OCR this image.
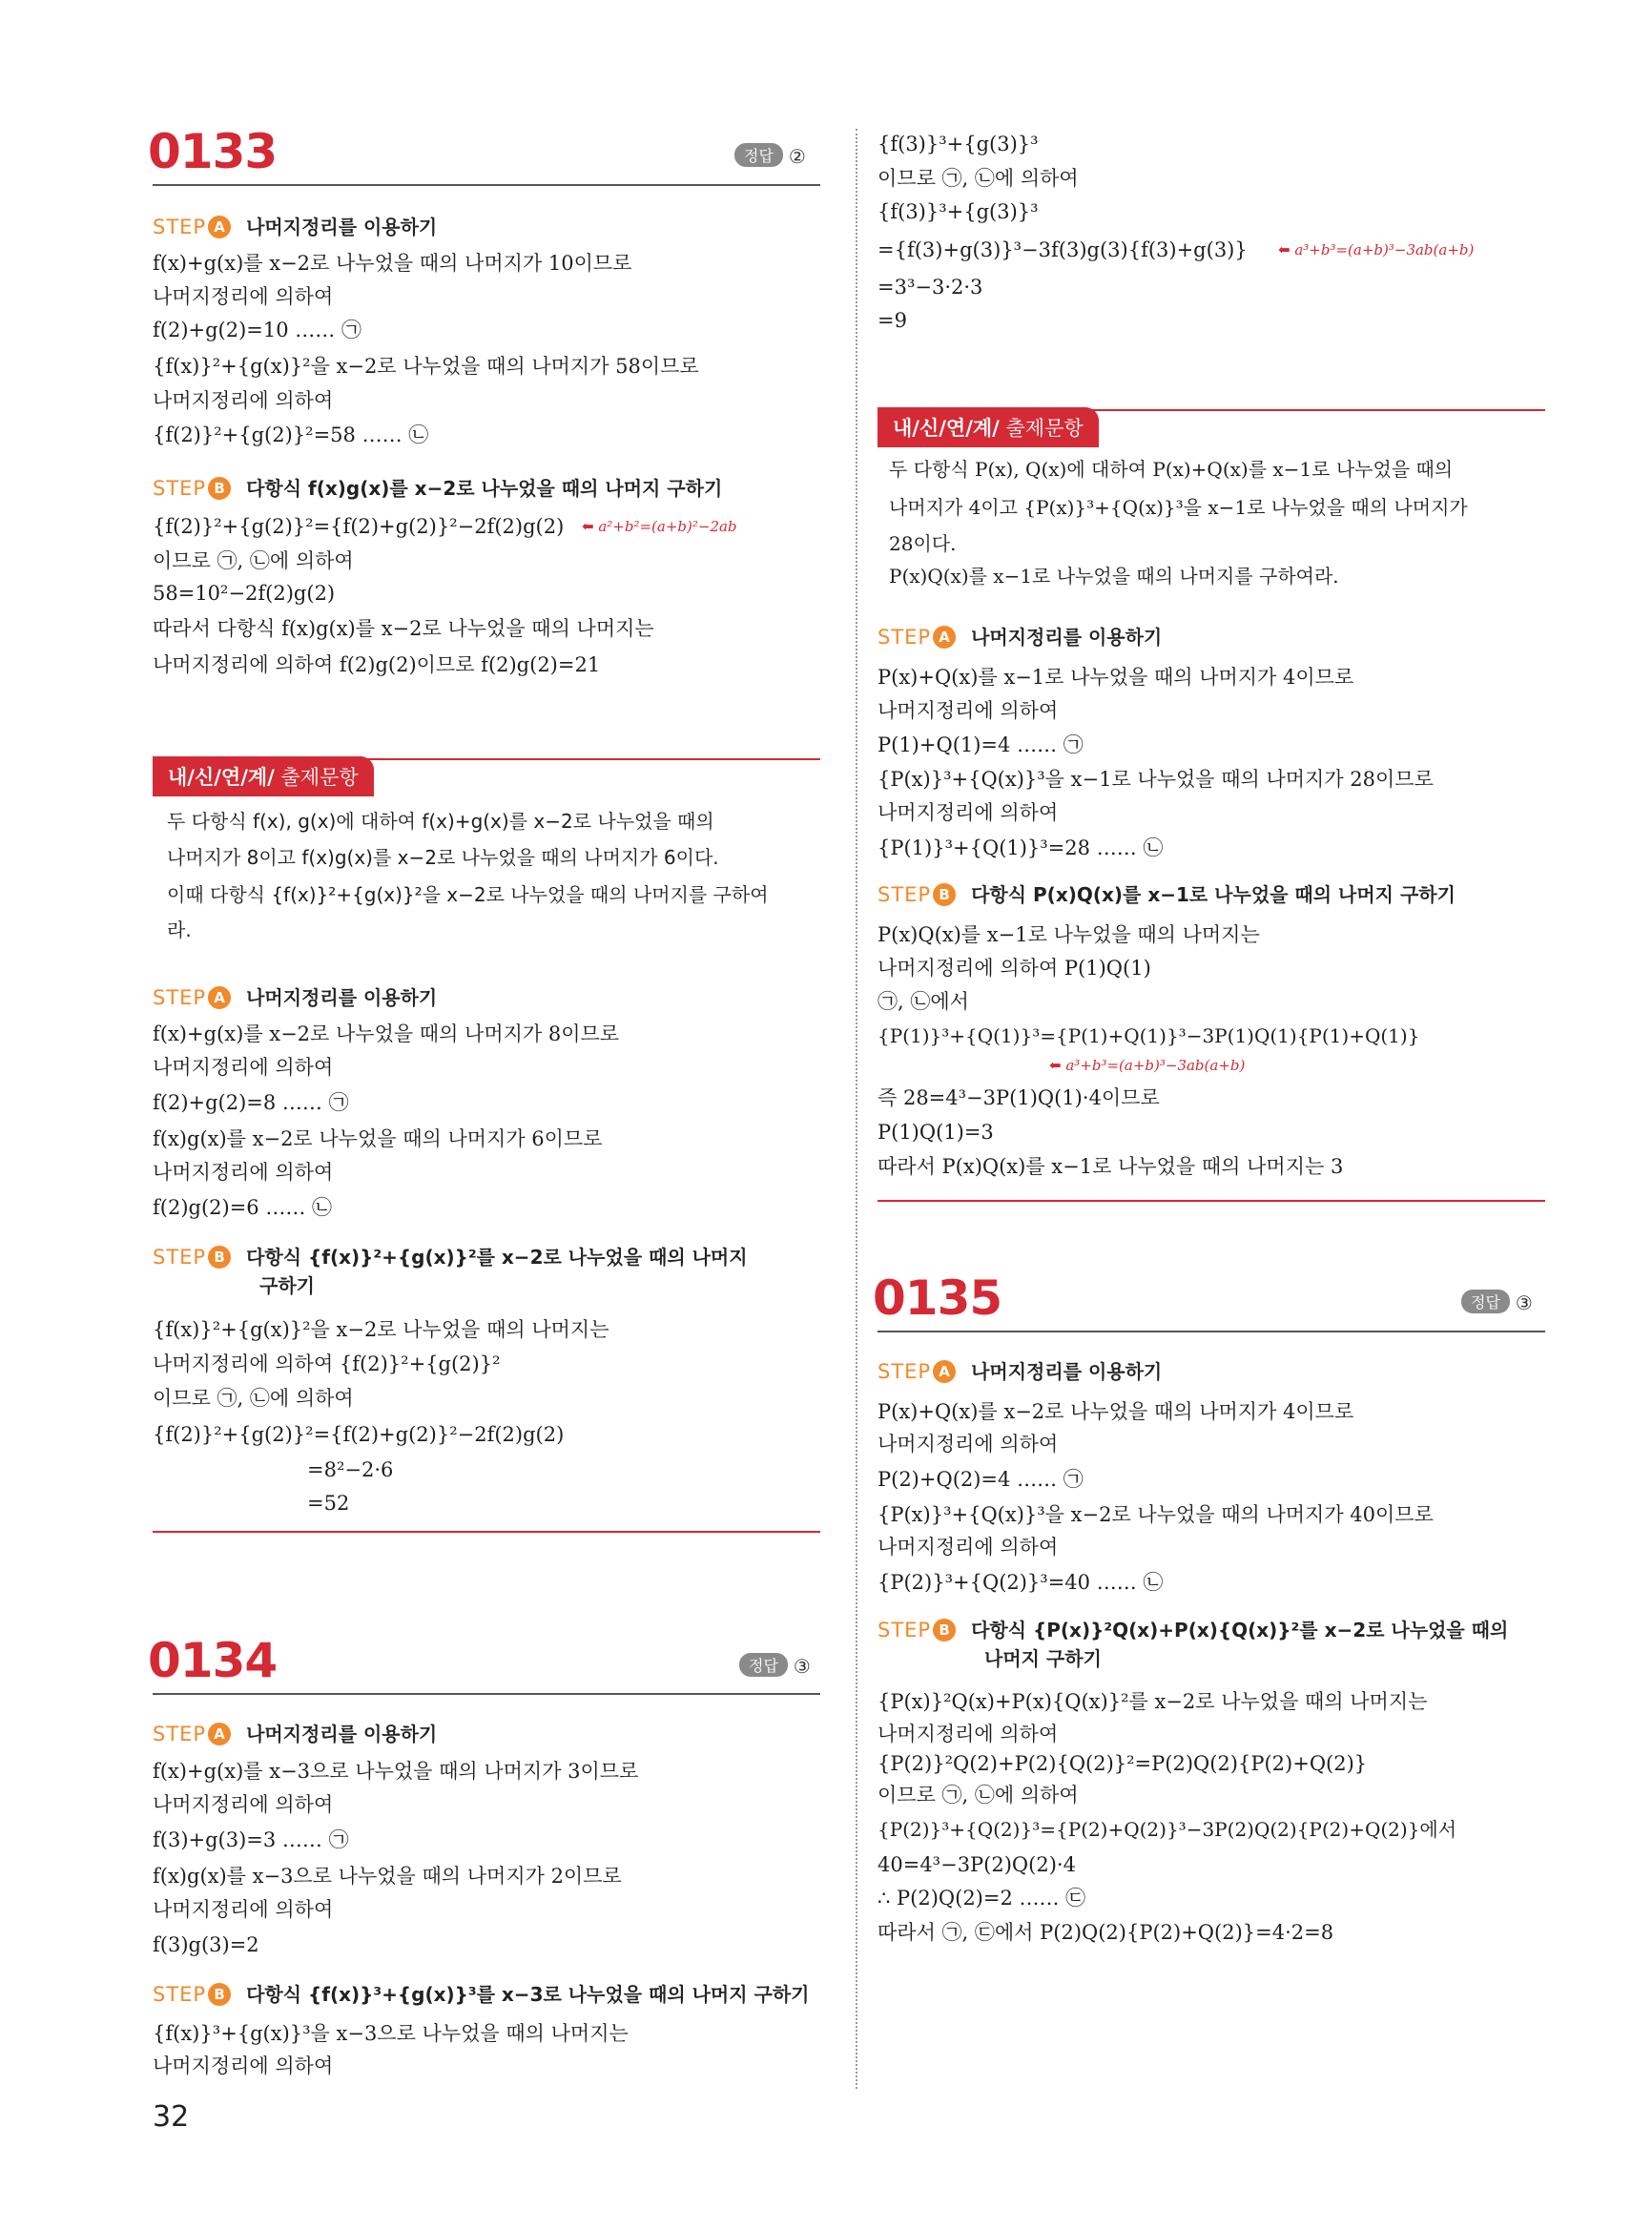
0133	정답 ②
STEP A 나머지정리를 이용하기
f(x)+g(x)를 x−2로 나누었을 때의 나머지가 10이므로
나머지정리에 의하여
f(2)+g(2)=10 …… ㉠
{f(x)}²+{g(x)}²을 x−2로 나누었을 때의 나머지가 58이므로
나머지정리에 의하여
{f(2)}²+{g(2)}²=58 …… ㉡
STEP B 다항식 f(x)g(x)를 x−2로 나누었을 때의 나머지 구하기
{f(2)}²+{g(2)}²={f(2)+g(2)}²−2f(2)g(2) ⬅ a²+b²=(a+b)²−2ab
이므로 ㉠, ㉡에 의하여
58=10²−2f(2)g(2)
따라서 다항식 f(x)g(x)를 x−2로 나누었을 때의 나머지는
나머지정리에 의하여 f(2)g(2)이므로 f(2)g(2)=21
내/신/연/계/ 출제문항
두 다항식 f(x), g(x)에 대하여 f(x)+g(x)를 x−2로 나누었을 때의
나머지가 8이고 f(x)g(x)를 x−2로 나누었을 때의 나머지가 6이다.
이때 다항식 {f(x)}²+{g(x)}²을 x−2로 나누었을 때의 나머지를 구하여
라.
STEP A 나머지정리를 이용하기
f(x)+g(x)를 x−2로 나누었을 때의 나머지가 8이므로
나머지정리에 의하여
f(2)+g(2)=8 …… ㉠
f(x)g(x)를 x−2로 나누었을 때의 나머지가 6이므로
나머지정리에 의하여
f(2)g(2)=6 …… ㉡
STEP B 다항식 {f(x)}²+{g(x)}²를 x−2로 나누었을 때의 나머지
구하기
{f(x)}²+{g(x)}²을 x−2로 나누었을 때의 나머지는
나머지정리에 의하여 {f(2)}²+{g(2)}²
이므로 ㉠, ㉡에 의하여
{f(2)}²+{g(2)}²={f(2)+g(2)}²−2f(2)g(2)
=8²−2·6
=52
0134	정답 ③
STEP A 나머지정리를 이용하기
f(x)+g(x)를 x−3으로 나누었을 때의 나머지가 3이므로
나머지정리에 의하여
f(3)+g(3)=3 …… ㉠
f(x)g(x)를 x−3으로 나누었을 때의 나머지가 2이므로
나머지정리에 의하여
f(3)g(3)=2
STEP B 다항식 {f(x)}³+{g(x)}³를 x−3로 나누었을 때의 나머지 구하기
{f(x)}³+{g(x)}³을 x−3으로 나누었을 때의 나머지는
나머지정리에 의하여
{f(3)}³+{g(3)}³
이므로 ㉠, ㉡에 의하여
{f(3)}³+{g(3)}³
={f(3)+g(3)}³−3f(3)g(3){f(3)+g(3)} ⬅ a³+b³=(a+b)³−3ab(a+b)
=3³−3·2·3
=9
내/신/연/계/ 출제문항
두 다항식 P(x), Q(x)에 대하여 P(x)+Q(x)를 x−1로 나누었을 때의
나머지가 4이고 {P(x)}³+{Q(x)}³을 x−1로 나누었을 때의 나머지가
28이다.
P(x)Q(x)를 x−1로 나누었을 때의 나머지를 구하여라.
STEP A 나머지정리를 이용하기
P(x)+Q(x)를 x−1로 나누었을 때의 나머지가 4이므로
나머지정리에 의하여
P(1)+Q(1)=4 …… ㉠
{P(x)}³+{Q(x)}³을 x−1로 나누었을 때의 나머지가 28이므로
나머지정리에 의하여
{P(1)}³+{Q(1)}³=28 …… ㉡
STEP B 다항식 P(x)Q(x)를 x−1로 나누었을 때의 나머지 구하기
P(x)Q(x)를 x−1로 나누었을 때의 나머지는
나머지정리에 의하여 P(1)Q(1)
㉠, ㉡에서
{P(1)}³+{Q(1)}³={P(1)+Q(1)}³−3P(1)Q(1){P(1)+Q(1)}
⬅ a³+b³=(a+b)³−3ab(a+b)
즉 28=4³−3P(1)Q(1)·4이므로
P(1)Q(1)=3
따라서 P(x)Q(x)를 x−1로 나누었을 때의 나머지는 3
0135	정답 ③
STEP A 나머지정리를 이용하기
P(x)+Q(x)를 x−2로 나누었을 때의 나머지가 4이므로
나머지정리에 의하여
P(2)+Q(2)=4 …… ㉠
{P(x)}³+{Q(x)}³을 x−2로 나누었을 때의 나머지가 40이므로
나머지정리에 의하여
{P(2)}³+{Q(2)}³=40 …… ㉡
STEP B 다항식 {P(x)}²Q(x)+P(x){Q(x)}²를 x−2로 나누었을 때의
나머지 구하기
{P(x)}²Q(x)+P(x){Q(x)}²를 x−2로 나누었을 때의 나머지는
나머지정리에 의하여
{P(2)}²Q(2)+P(2){Q(2)}²=P(2)Q(2){P(2)+Q(2)}
이므로 ㉠, ㉡에 의하여
{P(2)}³+{Q(2)}³={P(2)+Q(2)}³−3P(2)Q(2){P(2)+Q(2)}에서
40=4³−3P(2)Q(2)·4
∴ P(2)Q(2)=2 …… ㉢
따라서 ㉠, ㉢에서 P(2)Q(2){P(2)+Q(2)}=4·2=8
32
